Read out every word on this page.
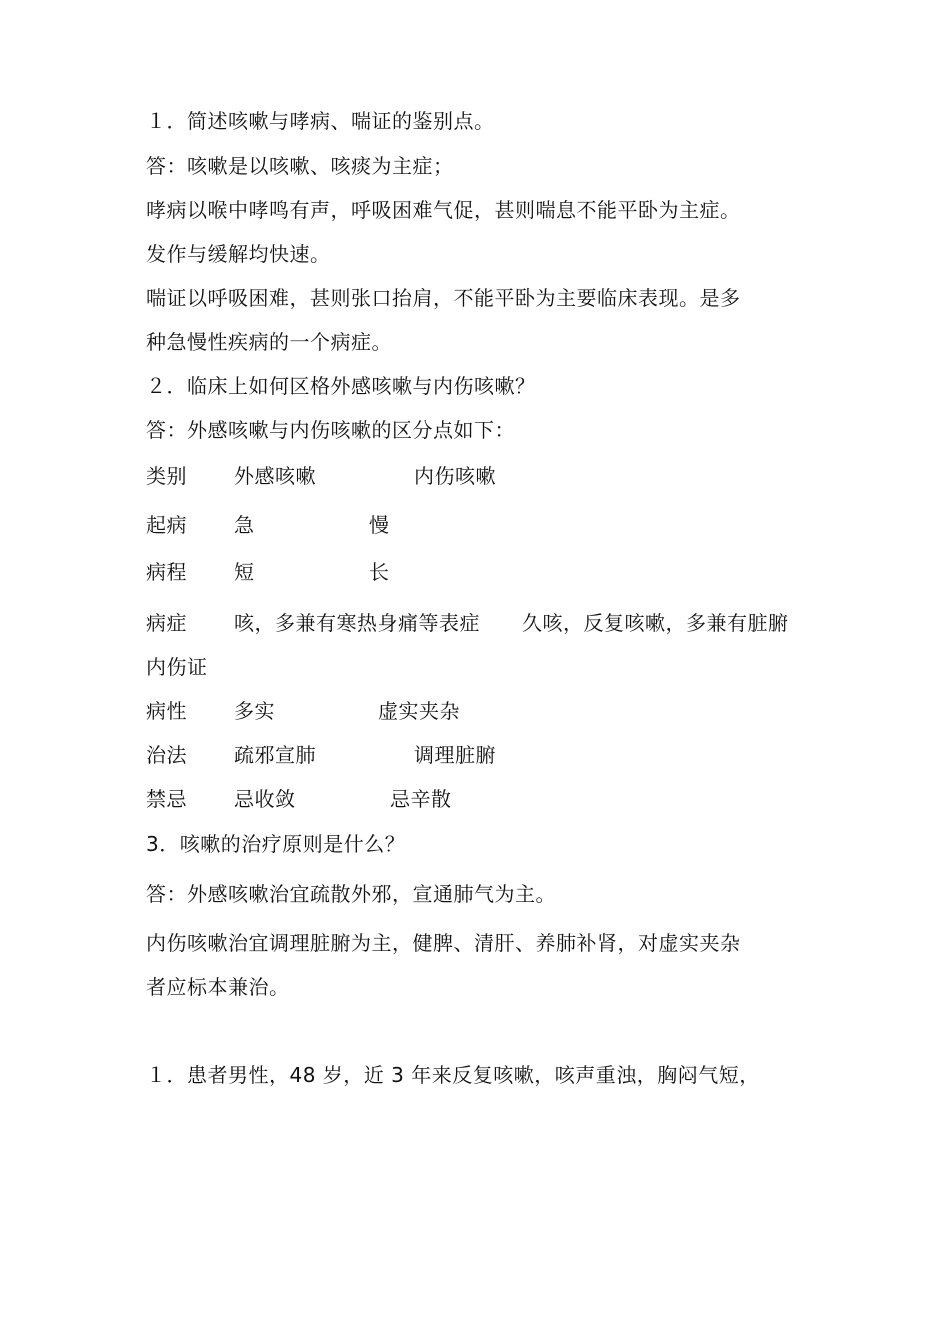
１．简述咳嗽与哮病、喘证的鉴别点。

答：咳嗽是以咳嗽、咳痰为主症；

哮病以喉中哮鸣有声，呼吸困难气促，甚则喘息不能平卧为主症。

发作与缓解均快速。

喘证以呼吸困难，甚则张口抬肩，不能平卧为主要临床表现。是多

种急慢性疾病的一个病症。

２．临床上如何区格外感咳嗽与内伤咳嗽？

答：外感咳嗽与内伤咳嗽的区分点如下：

类别 外感咳嗽	内伤咳嗽
起病 急	慢
病程 短	长
病症 咳，多兼有寒热身痛等表症 久咳，反复咳嗽，多兼有脏腑
内伤证
病性 多实	虚实夹杂
治法 疏邪宣肺	调理脏腑
禁忌 忌收敛	忌辛散

3．咳嗽的治疗原则是什么？

答：外感咳嗽治宜疏散外邪，宣通肺气为主。

内伤咳嗽治宜调理脏腑为主，健脾、清肝、养肺补肾，对虚实夹杂

者应标本兼治。

１．患者男性，48 岁，近 3 年来反复咳嗽，咳声重浊，胸闷气短，
